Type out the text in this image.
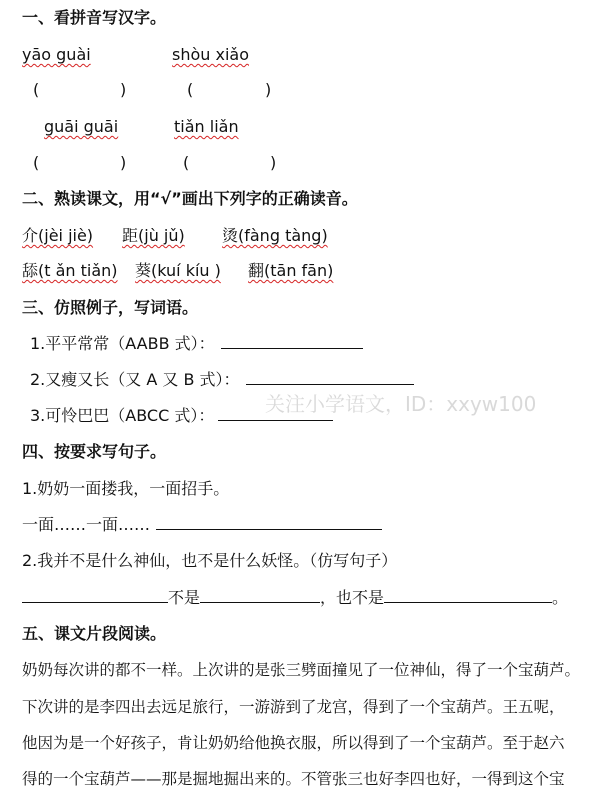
一、看拼音写汉字。
yāo guài	shòu xiǎo
(	)	(	)
guāi guāi	tiǎn liǎn
(	)	(	)
二、熟读课文，用“√”画出下列字的正确读音。
介(jèi jiè) 距(jù jǔ) 烫(fàng tàng)
舔(t ǎn tiǎn) 葵(kuí kíu ) 翻(tān fān)
三、仿照例子，写词语。
1.平平常常（AABB 式）：
2.又瘦又长（又 A 又 B 式）：
3.可怜巴巴（ABCC 式）：	关注小学语文，ID：xxyw100
四、按要求写句子。
1.奶奶一面搂我，一面招手。
一面……一面……
2.我并不是什么神仙，也不是什么妖怪。（仿写句子）
不是	，也不是	。
五、课文片段阅读。
奶奶每次讲的都不一样。上次讲的是张三劈面撞见了一位神仙，得了一个宝葫芦。
下次讲的是李四出去远足旅行，一游游到了龙宫，得到了一个宝葫芦。王五呢，
他因为是一个好孩子，肯让奶奶给他换衣服，所以得到了一个宝葫芦。至于赵六
得的一个宝葫芦——那是掘地掘出来的。不管张三也好李四也好，一得到这个宝
